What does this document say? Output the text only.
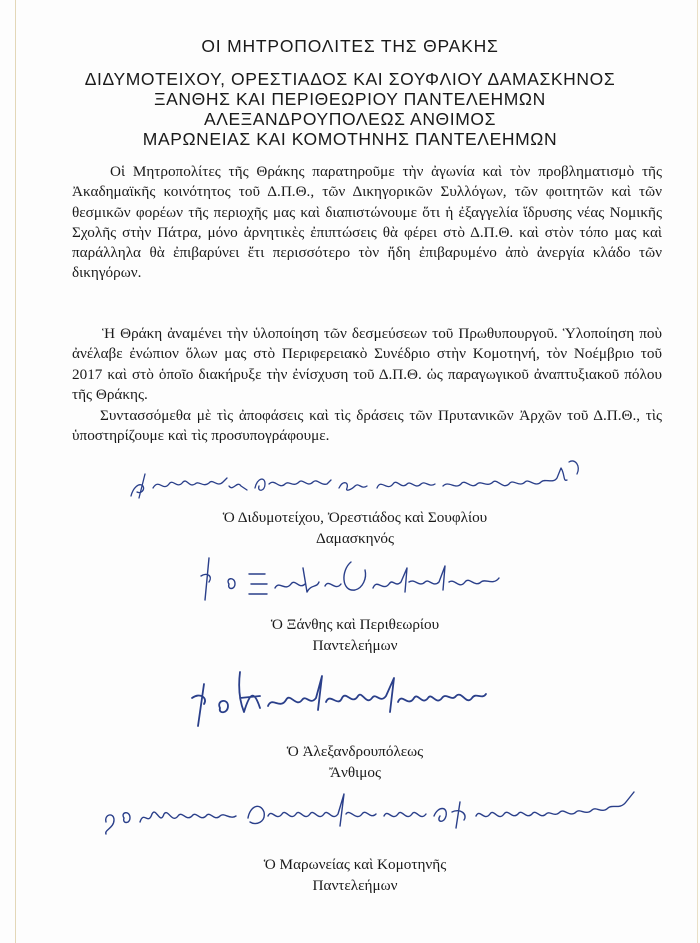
ΟΙ ΜΗΤΡΟΠΟΛΙΤΕΣ ΤΗΣ ΘΡΑΚΗΣ
ΔΙΔΥΜΟΤΕΙΧΟΥ, ΟΡΕΣΤΙΑΔΟΣ ΚΑΙ ΣΟΥΦΛΙΟΥ ΔΑΜΑΣΚΗΝΟΣ
ΞΑΝΘΗΣ ΚΑΙ ΠΕΡΙΘΕΩΡΙΟΥ ΠΑΝΤΕΛΕΗΜΩΝ
ΑΛΕΞΑΝΔΡΟΥΠΟΛΕΩΣ ΑΝΘΙΜΟΣ
ΜΑΡΩΝΕΙΑΣ ΚΑΙ ΚΟΜΟΤΗΝΗΣ ΠΑΝΤΕΛΕΗΜΩΝ
Οἱ Μητροπολίτες τῆς Θράκης παρατηροῦμε τὴν ἀγωνία καὶ τὸν προβληματισμὸ τῆς Ἀκαδημαϊκῆς κοινότητος τοῦ Δ.Π.Θ., τῶν Δικηγορικῶν Συλλόγων, τῶν φοιτητῶν καὶ τῶν θεσμικῶν φορέων τῆς περιοχῆς μας καὶ διαπιστώνουμε ὅτι ἡ ἐξαγγελία ἵδρυσης νέας Νομικῆς Σχολῆς στὴν Πάτρα, μόνο ἀρνητικὲς ἐπιπτώσεις θὰ φέρει στὸ Δ.Π.Θ. καὶ στὸν τόπο μας καὶ παράλληλα θὰ ἐπιβαρύνει ἔτι περισσότερο τὸν ἤδη ἐπιβαρυμένο ἀπὸ ἀνεργία κλάδο τῶν δικηγόρων.
Ἡ Θράκη ἀναμένει τὴν ὑλοποίηση τῶν δεσμεύσεων τοῦ Πρωθυπουργοῦ. Ὑλοποίηση ποὺ ἀνέλαβε ἐνώπιον ὅλων μας στὸ Περιφερειακὸ Συνέδριο στὴν Κομοτηνή, τὸν Νοέμβριο τοῦ 2017 καὶ στὸ ὁποῖο διακήρυξε τὴν ἐνίσχυση τοῦ Δ.Π.Θ. ὡς παραγωγικοῦ ἀναπτυξιακοῦ πόλου τῆς Θράκης.
Συντασσόμεθα μὲ τὶς ἀποφάσεις καὶ τὶς δράσεις τῶν Πρυτανικῶν Ἀρχῶν τοῦ Δ.Π.Θ., τὶς ὑποστηρίζουμε καὶ τὶς προσυπογράφουμε.
Ὁ Διδυμοτείχου, Ὀρεστιάδος καὶ Σουφλίου
Δαμασκηνός
Ὁ Ξάνθης καὶ Περιθεωρίου
Παντελεήμων
Ὁ Ἀλεξανδρουπόλεως
Ἄνθιμος
Ὁ Μαρωνείας καὶ Κομοτηνῆς
Παντελεήμων
